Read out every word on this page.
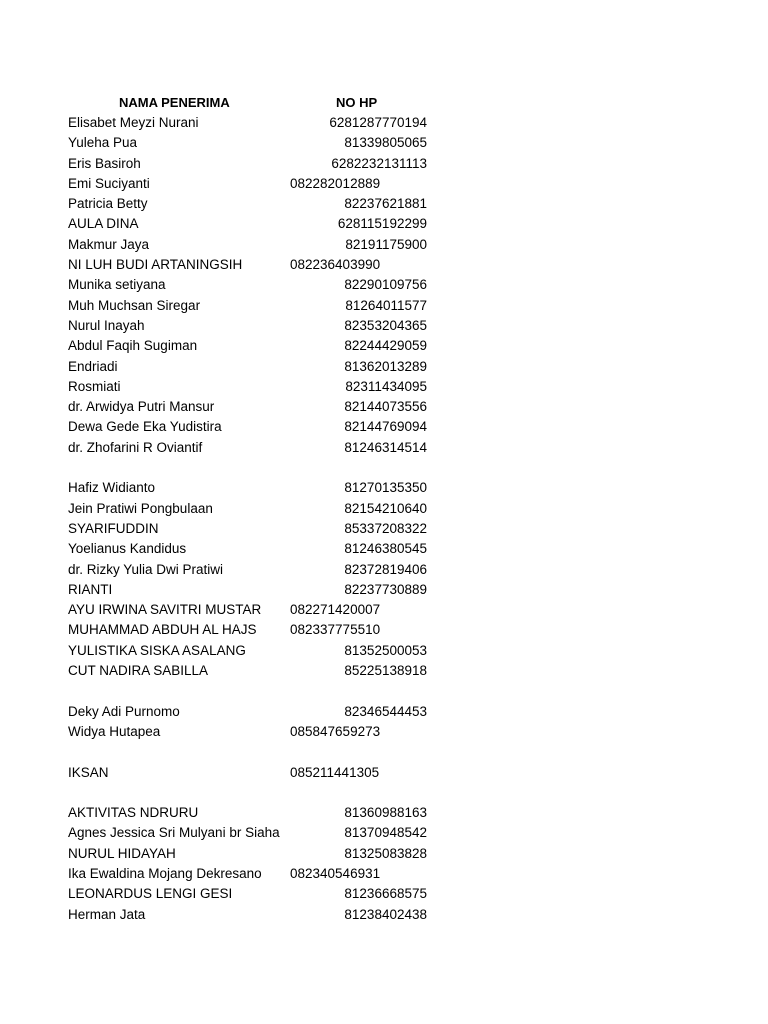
NAMA PENERIMA	NO HP
Elisabet Meyzi Nurani	6281287770194
Yuleha Pua	81339805065
Eris Basiroh	6282232131113
Emi Suciyanti	082282012889
Patricia Betty	82237621881
AULA DINA	628115192299
Makmur Jaya	82191175900
NI LUH BUDI ARTANINGSIH	082236403990
Munika setiyana	82290109756
Muh Muchsan Siregar	81264011577
Nurul Inayah	82353204365
Abdul Faqih Sugiman	82244429059
Endriadi	81362013289
Rosmiati	82311434095
dr. Arwidya Putri Mansur	82144073556
Dewa Gede Eka Yudistira	82144769094
dr. Zhofarini R Oviantif	81246314514
Hafiz Widianto	81270135350
Jein Pratiwi Pongbulaan	82154210640
SYARIFUDDIN	85337208322
Yoelianus Kandidus	81246380545
dr. Rizky Yulia Dwi Pratiwi	82372819406
RIANTI	82237730889
AYU IRWINA SAVITRI MUSTAR 082271420007
MUHAMMAD ABDUH AL HAJS 082337775510
YULISTIKA SISKA ASALANG	81352500053
CUT NADIRA SABILLA	85225138918
Deky Adi Purnomo	82346544453
Widya Hutapea	085847659273
IKSAN	085211441305
AKTIVITAS NDRURU	81360988163
Agnes Jessica Sri Mulyani br Siaha	81370948542
NURUL HIDAYAH	81325083828
Ika Ewaldina Mojang Dekresano 082340546931
LEONARDUS LENGI GESI	81236668575
Herman Jata	81238402438
